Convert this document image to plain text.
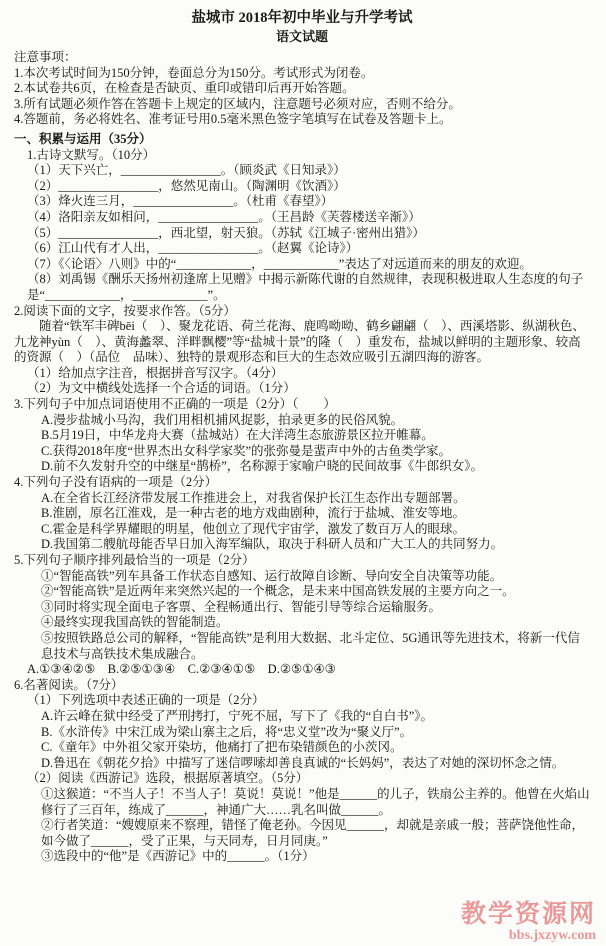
盐城市 2018年初中毕业与升学考试
语文试题
注意事项：
1.本次考试时间为150分钟，卷面总分为150分。考试形式为闭卷。
2.本试卷共6页，在检查是否缺页、重印或错印后再开始答题。
3.所有试题必须作答在答题卡上规定的区域内，注意题号必须对应，否则不给分。
4.答题前，务必将姓名、准考证号用0.5毫米黑色签字笔填写在试卷及答题卡上。
一、积累与运用（35分）
1.古诗文默写。（10分）
（1）天下兴亡，________________。（顾炎武《日知录》）
（2）________________，悠然见南山。（陶渊明《饮酒》）
（3）烽火连三月，________________。（杜甫《春望》）
（4）洛阳亲友如相问，________________。（王昌龄《芙蓉楼送辛渐》）
（5）________________，西北望，射天狼。（苏轼《江城子·密州出猎》）
（6）江山代有才人出，________________。（赵翼《论诗》）
（7）《〈论语〉八则》中的“____________，____________”表达了对远道而来的朋友的欢迎。
（8）刘禹锡《酬乐天扬州初逢席上见赠》中揭示新陈代谢的自然规律，表现积极进取人生态度的句子是“____________，____________”。
2.阅读下面的文字，按要求作答。（5分）
随着“铁军丰碑bēi（　）、聚龙花语、荷兰花海、鹿鸣呦呦、鹤乡翩翩（　）、西溪塔影、纵湖秋色、九龙神yùn（　）、黄海蠡翠、洋畔飘樱”等“盐城十景”的隆（　）重发布，盐城以鲜明的主题形象、较高的资源（　）（品位　品味）、独特的景观形态和巨大的生态效应吸引五湖四海的游客。
（1）给加点字注音，根据拼音写汉字。（4分）
（2）为文中横线处选择一个合适的词语。（1分）
3.下列句子中加点词语使用不正确的一项是（2分）（　　）
A.漫步盐城小马沟，我们用相机捕风捉影，拍录更多的民俗风貌。
B.5月19日，中华龙舟大赛（盐城站）在大洋湾生态旅游景区拉开帷幕。
C.获得2018年度“世界杰出女科学家奖”的张弥曼是蜚声中外的古鱼类学家。
D.前不久发射升空的中继星“鹊桥”，名称源于家喻户晓的民间故事《牛郎织女》。
4.下列句子没有语病的一项是（2分）
A.在全省长江经济带发展工作推进会上，对我省保护长江生态作出专题部署。
B.淮剧，原名江淮戏，是一种古老的地方戏曲剧种，流行于盐城、淮安等地。
C.霍金是科学界耀眼的明星，他创立了现代宇宙学，激发了数百万人的眼球。
D.我国第二艘航母能否早日加入海军编队，取决于科研人员和广大工人的共同努力。
5.下列句子顺序排列最恰当的一项是（2分）
①“智能高铁”列车具备工作状态自感知、运行故障自诊断、导向安全自决策等功能。
②“智能高铁”是近两年来突然兴起的一个概念，是未来中国高铁发展的主要方向之一。
③同时将实现全面电子客票、全程畅通出行、智能引导等综合运输服务。
④最终实现我国高铁的智能制造。
⑤按照铁路总公司的解释，“智能高铁”是利用大数据、北斗定位、5G通讯等先进技术，将新一代信息技术与高铁技术集成融合。
A.①③④②⑤　B.②⑤①③④　C.②③④①⑤　D.②⑤①④③
6.名著阅读。（7分）
（1）下列选项中表述正确的一项是（2分）
A.许云峰在狱中经受了严刑拷打，宁死不屈，写下了《我的“自白书”》。
B.《水浒传》中宋江成为梁山寨主之后，将“忠义堂”改为“聚义厅”。
C.《童年》中外祖父家开染坊，他痛打了把布染错颜色的小茨冈。
D.鲁迅在《朝花夕拾》中描写了迷信啰嗦却善良真诚的“长妈妈”，表达了对她的深切怀念之情。
（2）阅读《西游记》选段，根据原著填空。（5分）
①这猴道：“不当人子！不当人子！莫说！莫说！”他是______的儿子，铁扇公主养的。他曾在火焰山修行了三百年，练成了______，神通广大……乳名叫做______。
②行者笑道：“嫂嫂原来不察理，错怪了俺老孙。今因见______，却就是亲戚一般；菩萨饶他性命，如今做了______，受了正果，与天同寿，日月同庚。”
③选段中的“他”是《西游记》中的______。（1分）
教学资源网
bbs.jxzyw.com
